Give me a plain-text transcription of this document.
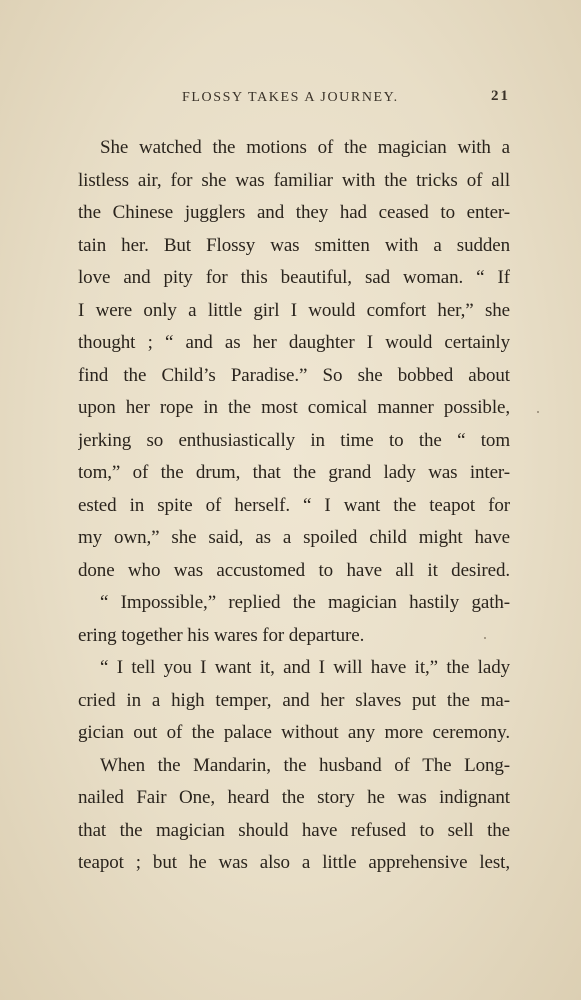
FLOSSY TAKES A JOURNEY.	21
She watched the motions of the magician with a
listless air, for she was familiar with the tricks of all
the Chinese jugglers and they had ceased to enter-
tain her. But Flossy was smitten with a sudden
love and pity for this beautiful, sad woman. “ If
I were only a little girl I would comfort her,” she
thought ; “ and as her daughter I would certainly
find the Child’s Paradise.” So she bobbed about
upon her rope in the most comical manner possible,
jerking so enthusiastically in time to the “ tom
tom,” of the drum, that the grand lady was inter-
ested in spite of herself. “ I want the teapot for
my own,” she said, as a spoiled child might have
done who was accustomed to have all it desired.
“ Impossible,” replied the magician hastily gath-
ering together his wares for departure.
“ I tell you I want it, and I will have it,” the lady
cried in a high temper, and her slaves put the ma-
gician out of the palace without any more ceremony.
When the Mandarin, the husband of The Long-
nailed Fair One, heard the story he was indignant
that the magician should have refused to sell the
teapot ; but he was also a little apprehensive lest,
